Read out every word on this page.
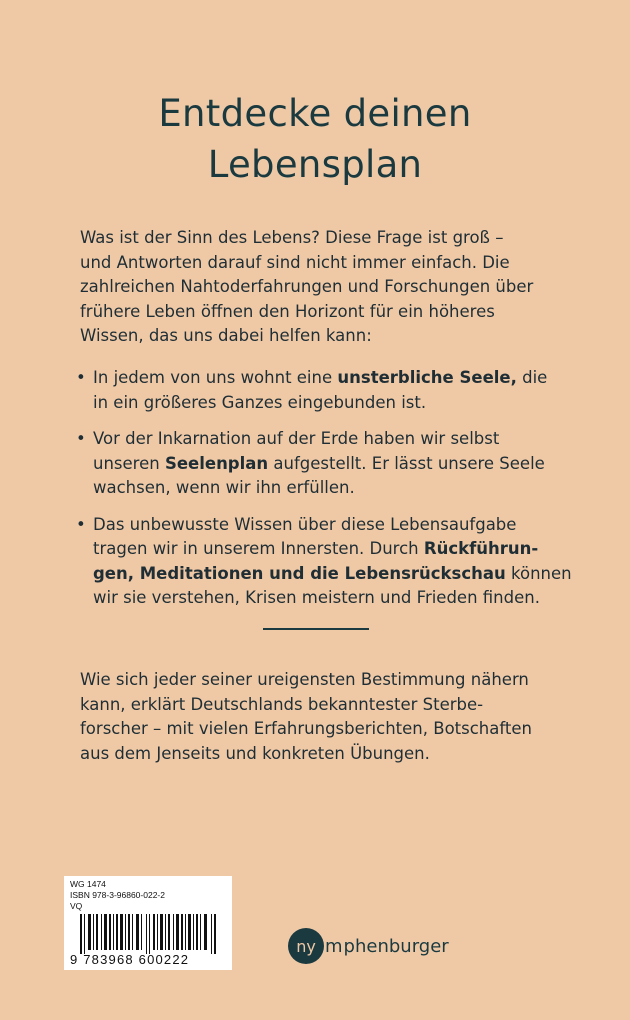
Entdecke deinen
Lebensplan
Was ist der Sinn des Lebens? Diese Frage ist groß –
und Antworten darauf sind nicht immer einfach. Die
zahlreichen Nahtoderfahrungen und Forschungen über
frühere Leben öffnen den Horizont für ein höheres
Wissen, das uns dabei helfen kann:
• In jedem von uns wohnt eine unsterbliche Seele, die
in ein größeres Ganzes eingebunden ist.
• Vor der Inkarnation auf der Erde haben wir selbst
unseren Seelenplan aufgestellt. Er lässt unsere Seele
wachsen, wenn wir ihn erfüllen.
• Das unbewusste Wissen über diese Lebensaufgabe
tragen wir in unserem Innersten. Durch Rückführun-
gen, Meditationen und die Lebensrückschau können
wir sie verstehen, Krisen meistern und Frieden finden.
Wie sich jeder seiner ureigensten Bestimmung nähern
kann, erklärt Deutschlands bekanntester Sterbe-
forscher – mit vielen Erfahrungsberichten, Botschaften
aus dem Jenseits und konkreten Übungen.
WG 1474
ISBN 978-3-96860-022-2
VQ
9 783968 600222
ny m phenburger
